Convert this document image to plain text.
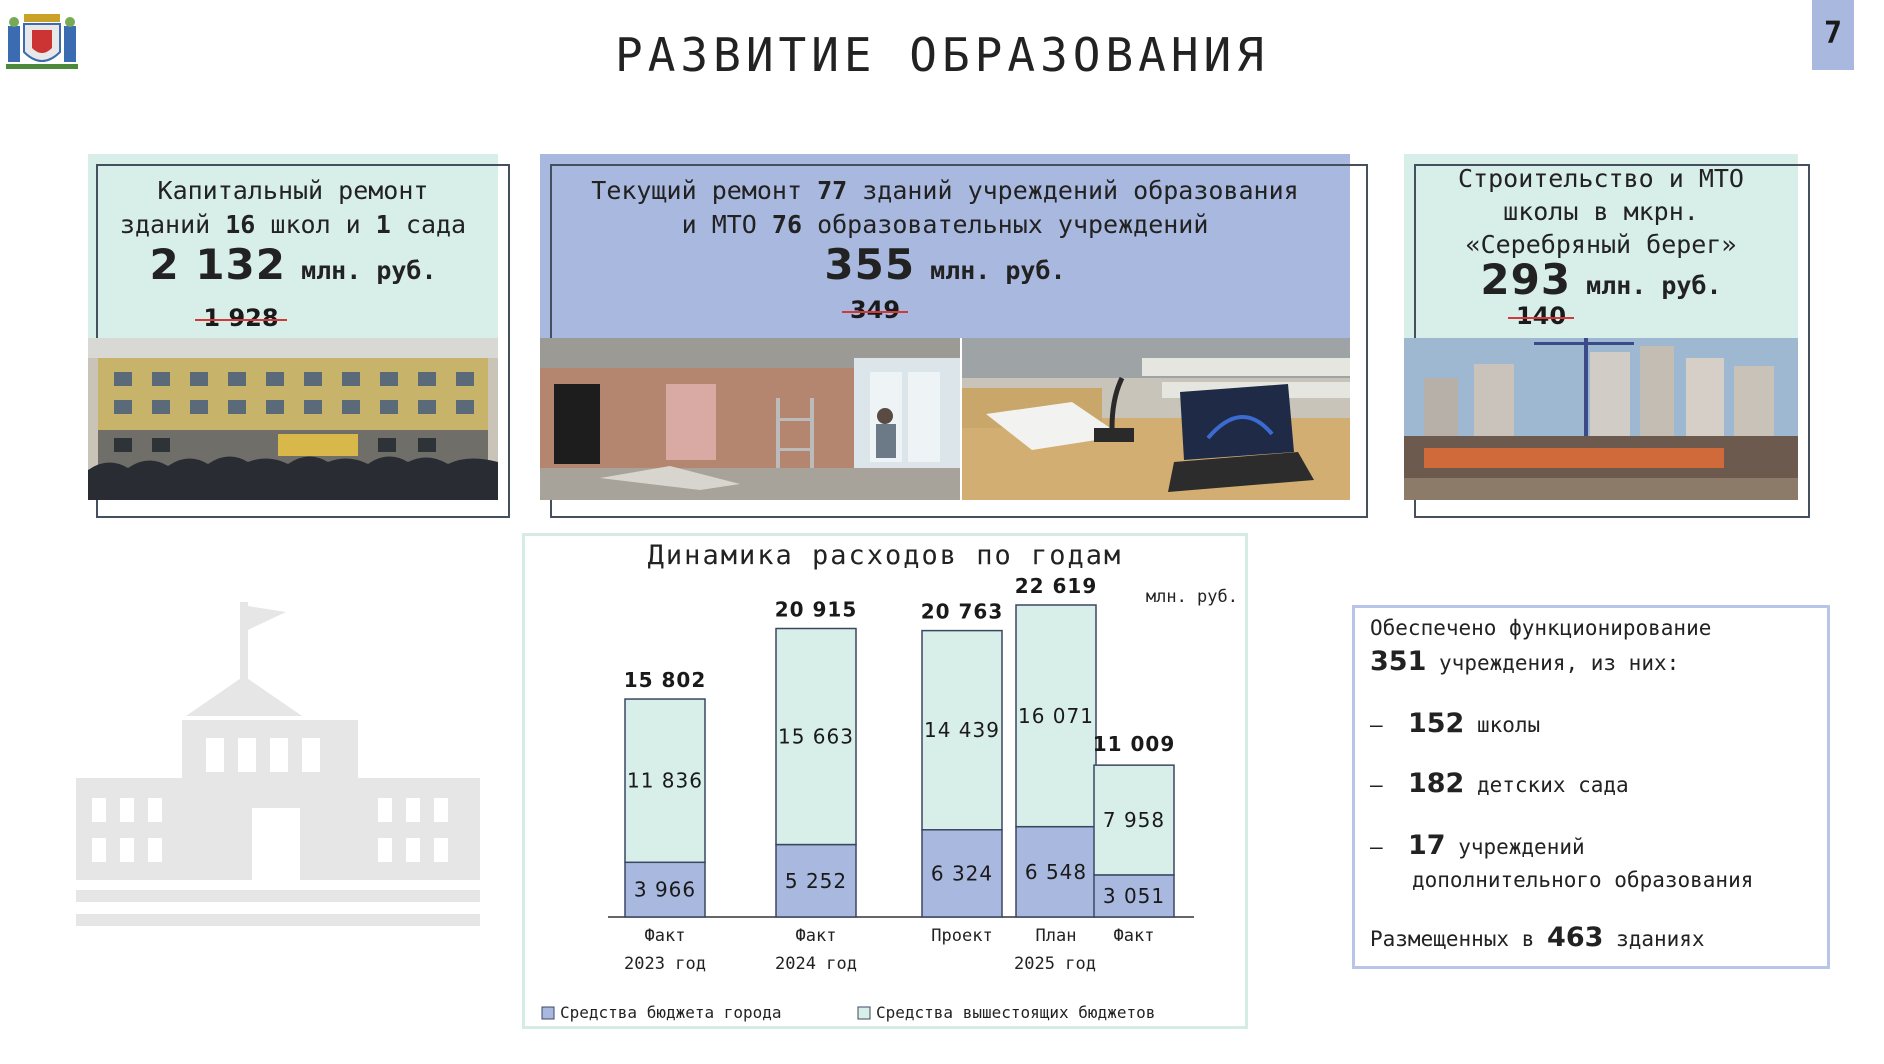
РАЗВИТИЕ ОБРАЗОВАНИЯ	7
Капитальный ремонт
зданий 16 школ и 1 сада
2 132 млн. руб.
1 928
Текущий ремонт 77 зданий учреждений образования
и МТО 76 образовательных учреждений
355 млн. руб.
349
Строительство и МТО
школы в мкрн.
«Серебряный берег»
293 млн. руб.
140
Динамика расходов по годам
млн. руб.
3 966
11 836
15 802
Факт
5 252
15 663
20 915
Факт
6 324
14 439
20 763
Проект
6 548
16 071
22 619
План
3 051
7 958
11 009
Факт
2023 год	2024 год	2025 год
Средства бюджета города	Средства вышестоящих бюджетов
Обеспечено функционирование
351 учреждения, из них:
– 152 школы
– 182 детских сада
– 17 учреждений
дополнительного образования
Размещенных в 463 зданиях
